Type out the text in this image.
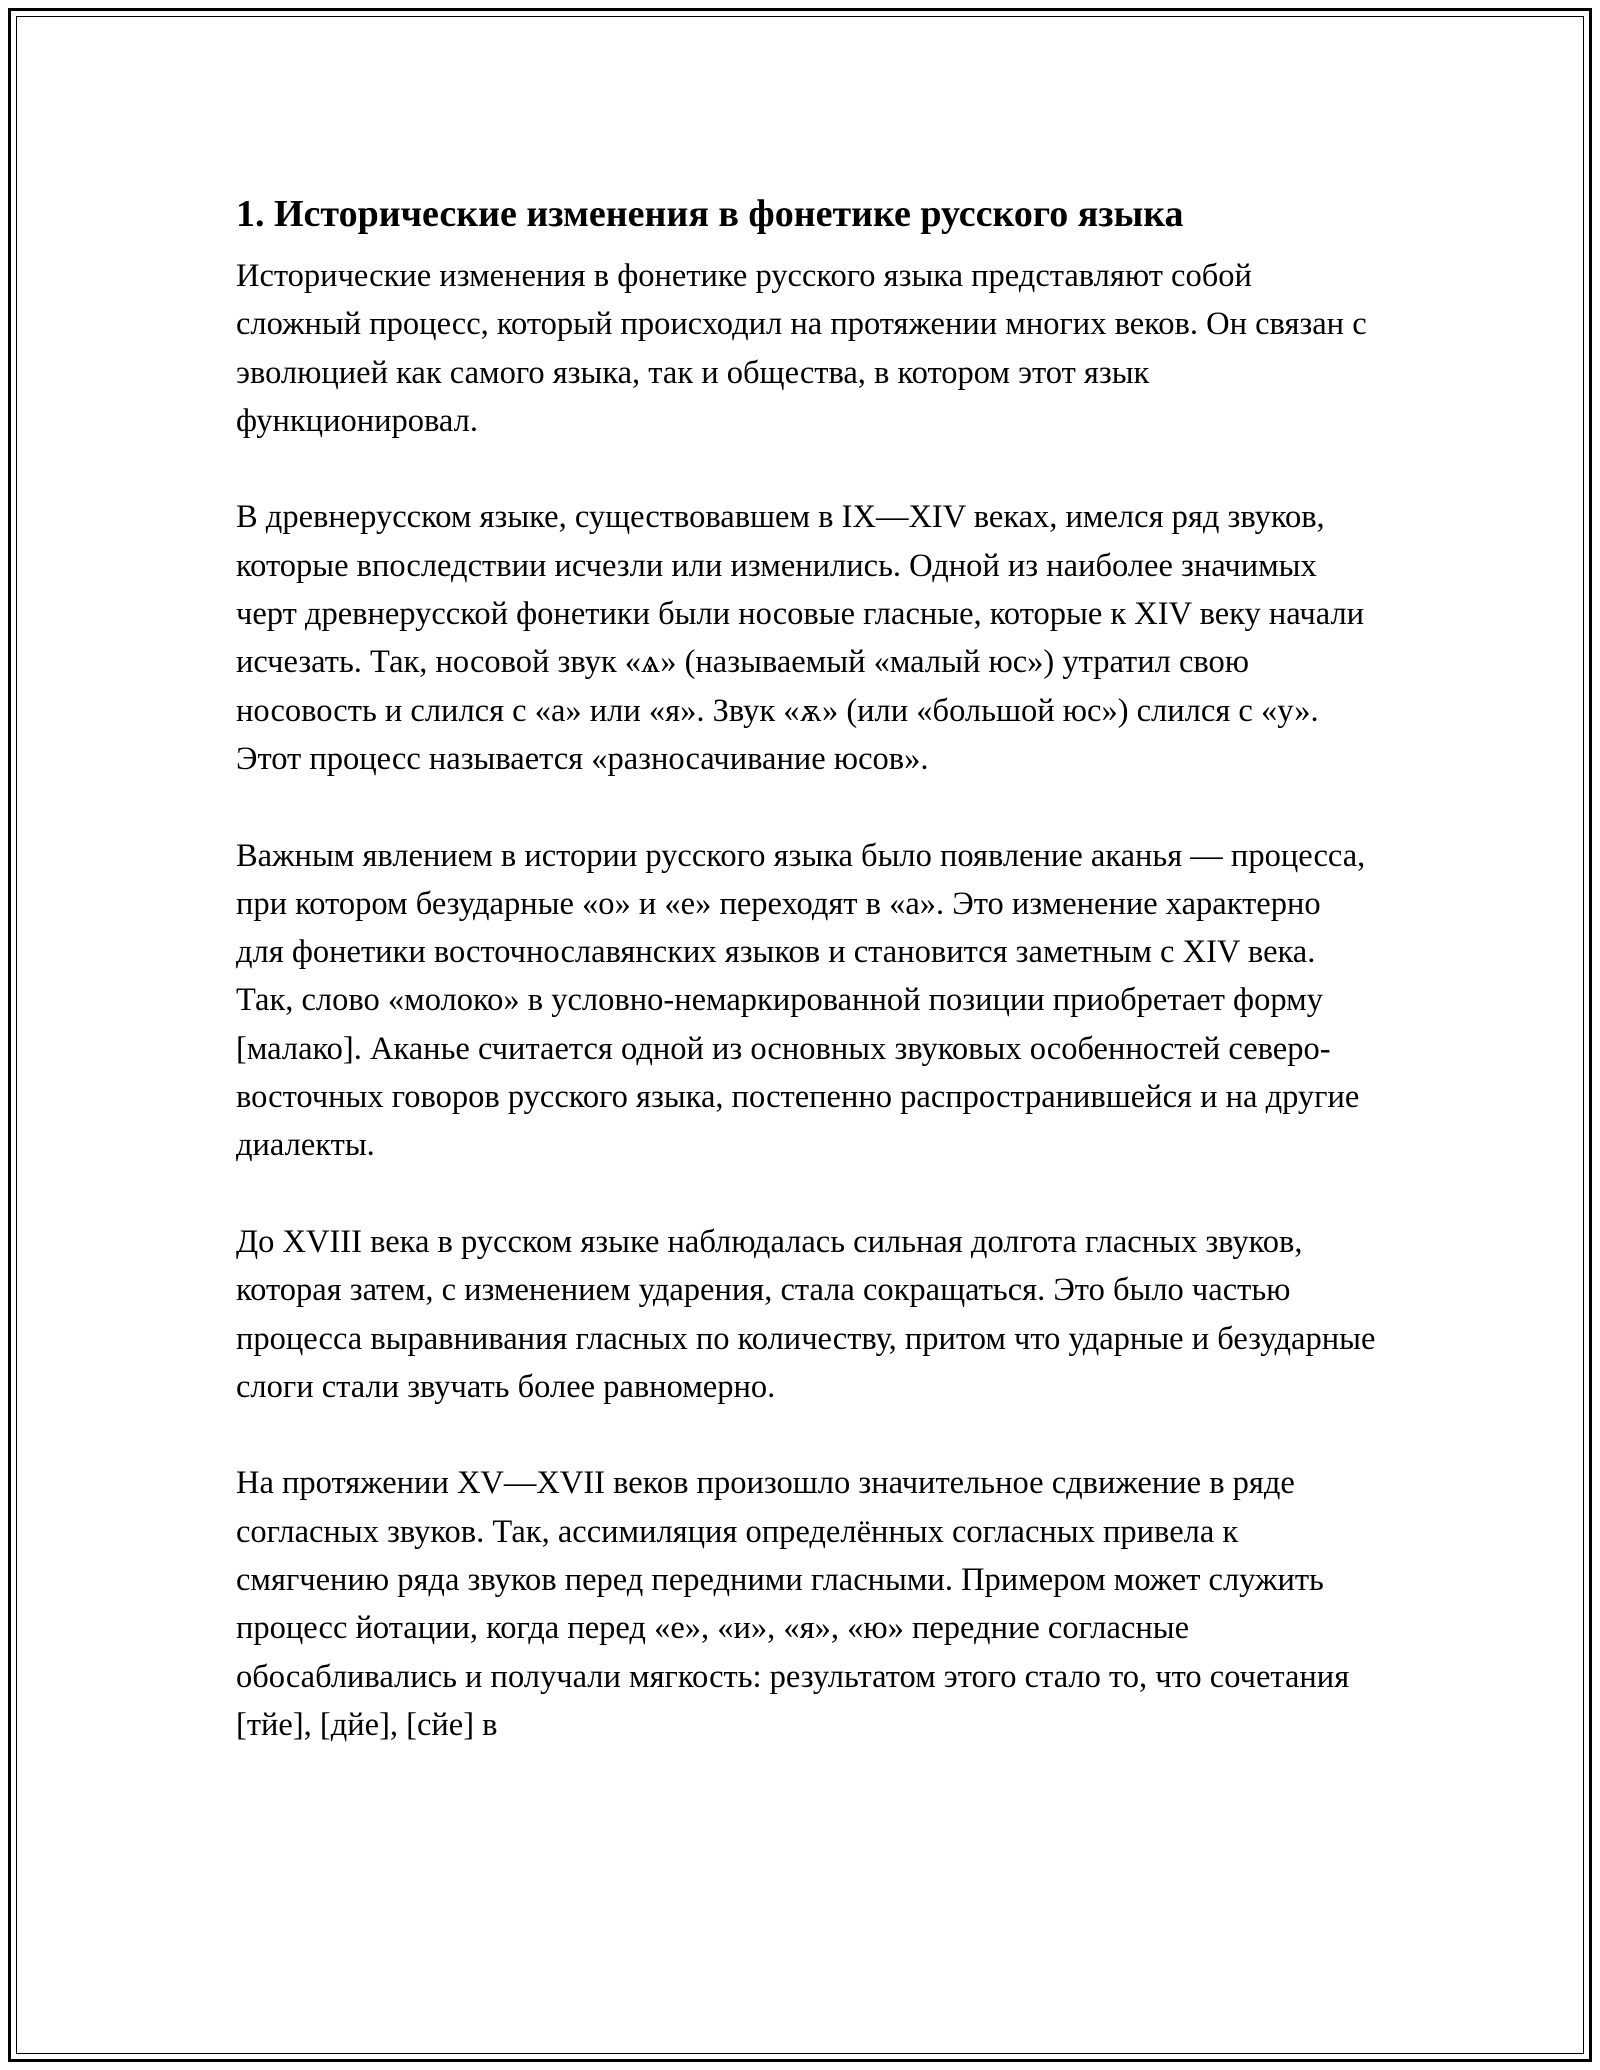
1. Исторические изменения в фонетике русского языка

Исторические изменения в фонетике русского языка представляют собой сложный процесс, который происходил на протяжении многих веков. Он связан с эволюцией как самого языка, так и общества, в котором этот язык функционировал.

В древнерусском языке, существовавшем в IX—XIV веках, имелся ряд звуков, которые впоследствии исчезли или изменились. Одной из наиболее значимых черт древнерусской фонетики были носовые гласные, которые к XIV веку начали исчезать. Так, носовой звук «ѧ» (называемый «малый юс») утратил свою носовость и слился с «а» или «я». Звук «ѫ» (или «большой юс») слился с «у». Этот процесс называется «разносачивание юсов».

Важным явлением в истории русского языка было появление аканья — процесса, при котором безударные «о» и «е» переходят в «а». Это изменение характерно для фонетики восточнославянских языков и становится заметным с XIV века. Так, слово «молоко» в условно-немаркированной позиции приобретает форму [малако]. Аканье считается одной из основных звуковых особенностей северо-восточных говоров русского языка, постепенно распространившейся и на другие диалекты.

До XVIII века в русском языке наблюдалась сильная долгота гласных звуков, которая затем, с изменением ударения, стала сокращаться. Это было частью процесса выравнивания гласных по количеству, притом что ударные и безударные слоги стали звучать более равномерно.

На протяжении XV—XVII веков произошло значительное сдвижение в ряде согласных звуков. Так, ассимиляция определённых согласных привела к смягчению ряда звуков перед передними гласными. Примером может служить процесс йотации, когда перед «е», «и», «я», «ю» передние согласные обосабливались и получали мягкость: результатом этого стало то, что сочетания [тйе], [дйе], [сйе] в
